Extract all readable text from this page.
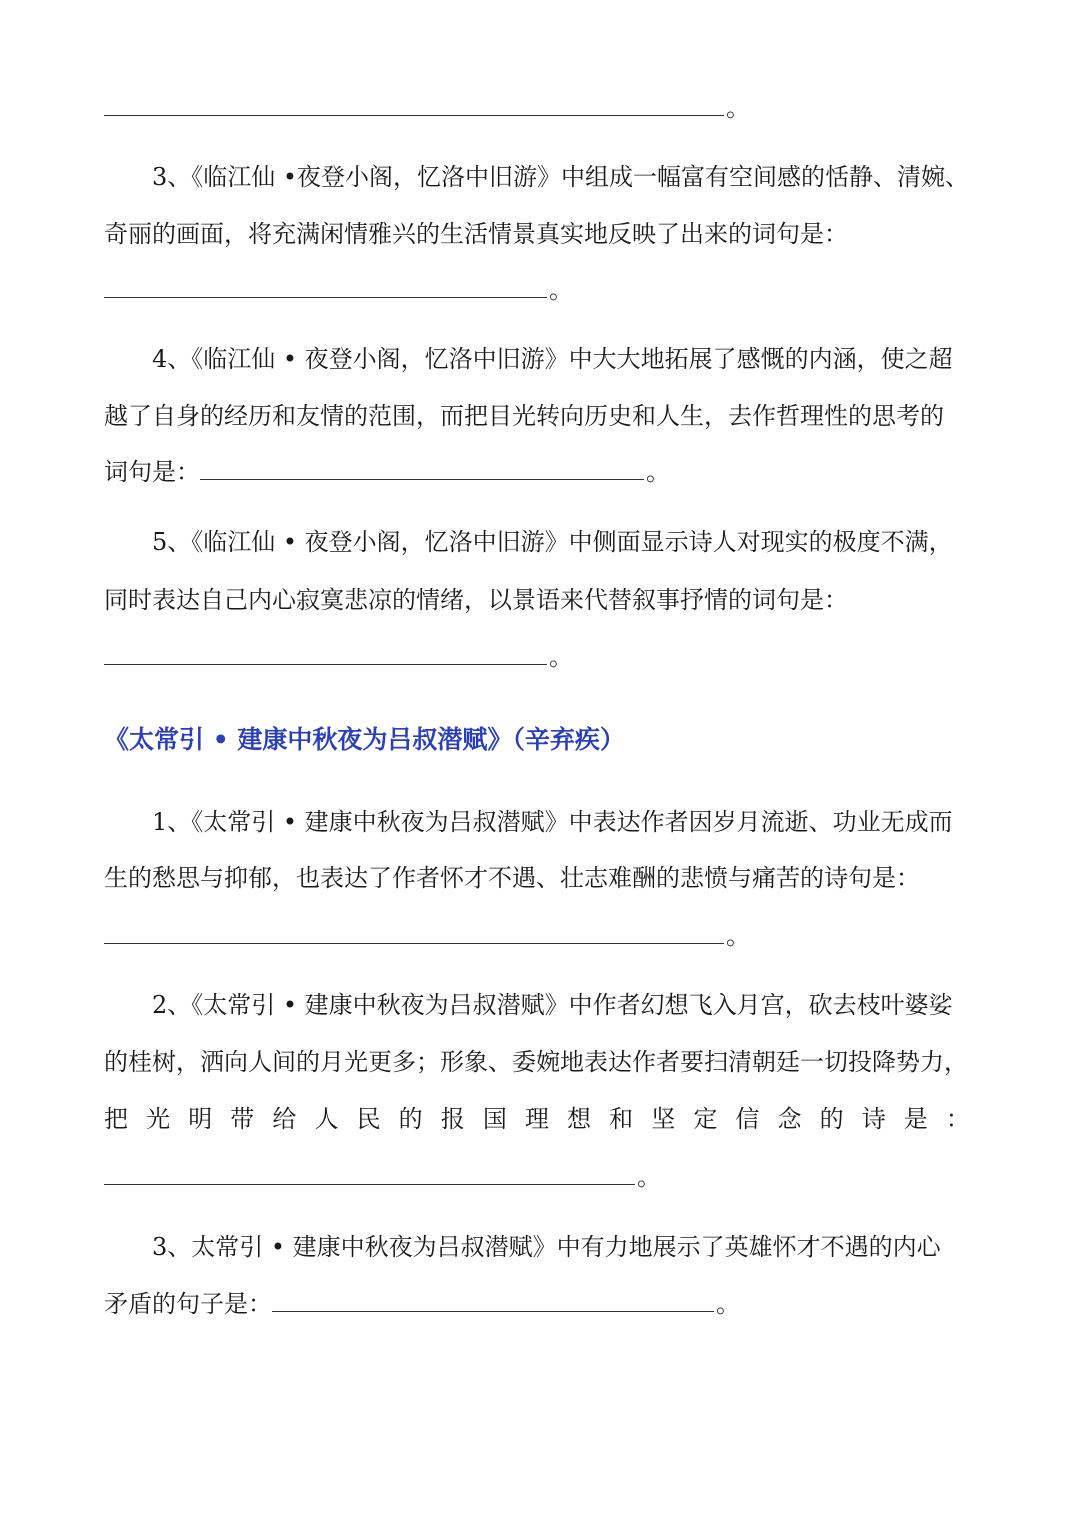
。
3、《临江仙 •夜登小阁，忆洛中旧游》中组成一幅富有空间感的恬静、清婉、
奇丽的画面，将充满闲情雅兴的生活情景真实地反映了出来的词句是：
。
4、《临江仙 • 夜登小阁，忆洛中旧游》中大大地拓展了感慨的内涵，使之超
越了自身的经历和友情的范围，而把目光转向历史和人生，去作哲理性的思考的
词句是：	。
5、《临江仙 • 夜登小阁，忆洛中旧游》中侧面显示诗人对现实的极度不满，
同时表达自己内心寂寞悲凉的情绪，以景语来代替叙事抒情的词句是：
。
《太常引 • 建康中秋夜为吕叔潜赋》（辛弃疾）
1、《太常引 • 建康中秋夜为吕叔潜赋》中表达作者因岁月流逝、功业无成而
生的愁思与抑郁，也表达了作者怀才不遇、壮志难酬的悲愤与痛苦的诗句是：
。
2、《太常引 • 建康中秋夜为吕叔潜赋》中作者幻想飞入月宫，砍去枝叶婆娑
的桂树，洒向人间的月光更多；形象、委婉地表达作者要扫清朝廷一切投降势力，
把 光 明 带 给 人 民 的 报 国 理 想 和 坚 定 信 念 的 诗 是 ：
。
3、太常引 • 建康中秋夜为吕叔潜赋》中有力地展示了英雄怀才不遇的内心
矛盾的句子是：	。
